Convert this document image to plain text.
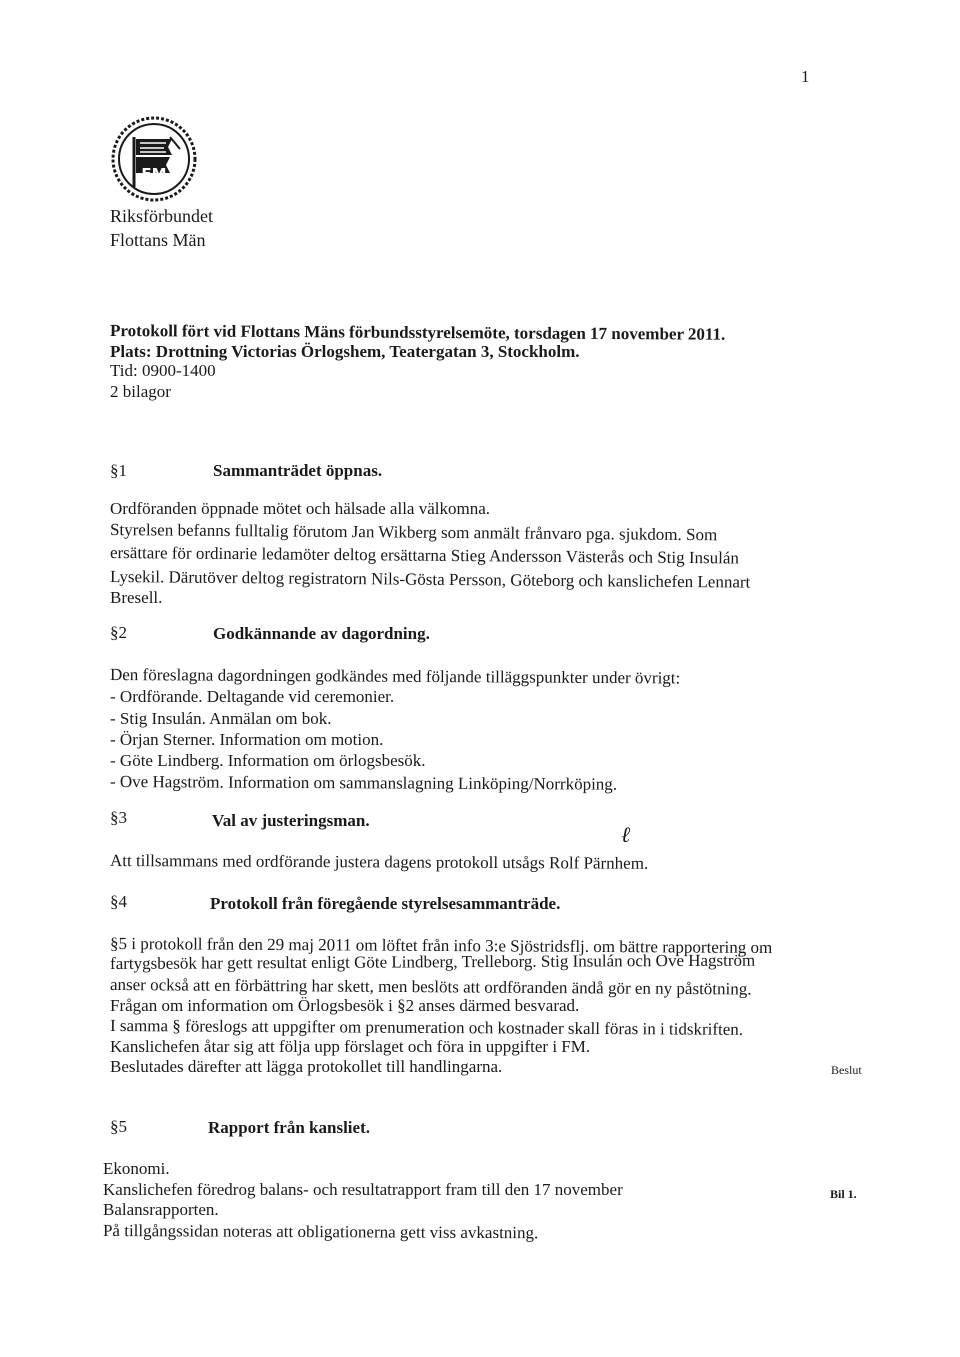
1
FM
Riksförbundet
Flottans Män
Protokoll fört vid Flottans Mäns förbundsstyrelsemöte, torsdagen 17 november 2011.
Plats: Drottning Victorias Örlogshem, Teatergatan 3, Stockholm.
Tid: 0900-1400
2 bilagor
§1	Sammanträdet öppnas.
Ordföranden öppnade mötet och hälsade alla välkomna.
Styrelsen befanns fulltalig förutom Jan Wikberg som anmält frånvaro pga. sjukdom. Som
ersättare för ordinarie ledamöter deltog ersättarna Stieg Andersson Västerås och Stig Insulán
Lysekil. Därutöver deltog registratorn Nils-Gösta Persson, Göteborg och kanslichefen Lennart
Bresell.
§2	Godkännande av dagordning.
Den föreslagna dagordningen godkändes med följande tilläggspunkter under övrigt:
- Ordförande. Deltagande vid ceremonier.
- Stig Insulán. Anmälan om bok.
- Örjan Sterner. Information om motion.
- Göte Lindberg. Information om örlogsbesök.
- Ove Hagström. Information om sammanslagning Linköping/Norrköping.
§3	Val av justeringsman.
ℓ
Att tillsammans med ordförande justera dagens protokoll utsågs Rolf Pärnhem.
§4	Protokoll från föregående styrelsesammanträde.
§5 i protokoll från den 29 maj 2011 om löftet från info 3:e Sjöstridsflj. om bättre rapportering om
fartygsbesök har gett resultat enligt Göte Lindberg, Trelleborg. Stig Insulán och Ove Hagström
anser också att en förbättring har skett, men beslöts att ordföranden ändå gör en ny påstötning.
Frågan om information om Örlogsbesök i §2 anses därmed besvarad.
I samma § föreslogs att uppgifter om prenumeration och kostnader skall föras in i tidskriften.
Kanslichefen åtar sig att följa upp förslaget och föra in uppgifter i FM.
Beslutades därefter att lägga protokollet till handlingarna.	Beslut
§5	Rapport från kansliet.
Ekonomi.
Kanslichefen föredrog balans- och resultatrapport fram till den 17 november	Bil 1.
Balansrapporten.
På tillgångssidan noteras att obligationerna gett viss avkastning.
